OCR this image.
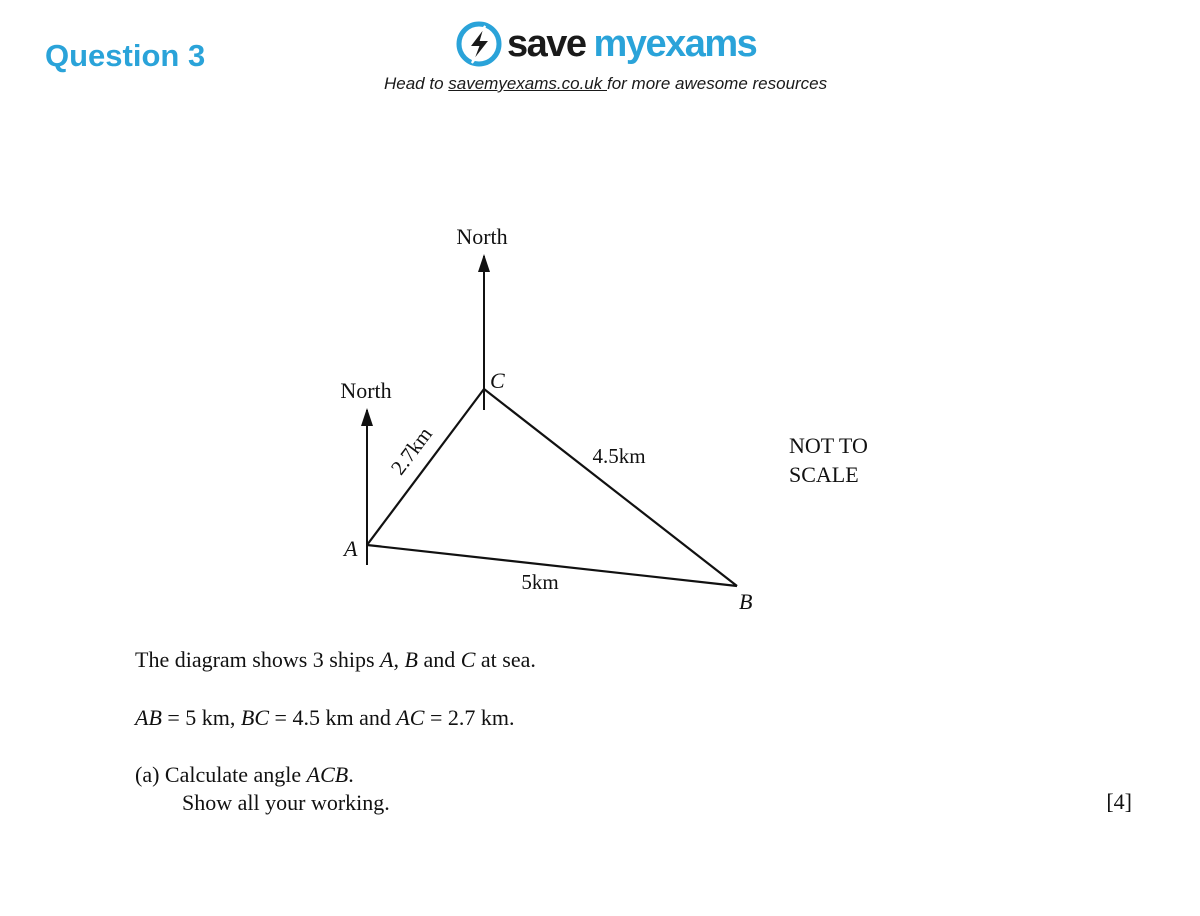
Question 3	save myexams
Head to savemyexams.co.uk for more awesome resources
North
North	C
A
B
2.7km	4.5km
5km
NOT TO
SCALE
The diagram shows 3 ships A, B and C at sea.
AB = 5 km, BC = 4.5 km and AC = 2.7 km.
(a) Calculate angle ACB.
Show all your working.	[4]
